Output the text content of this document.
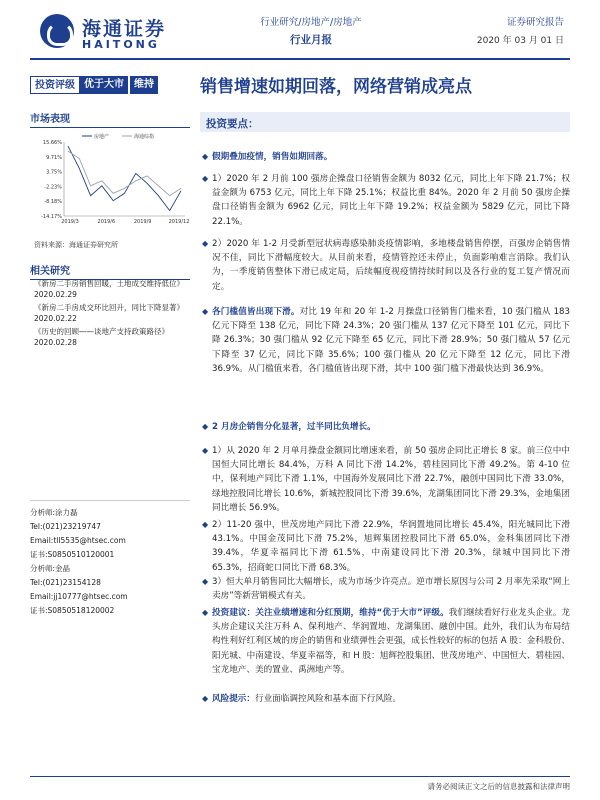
海通证券
HAITONG
行业研究/房地产/房地产
行业月报
证券研究报告
2020 年 03 月 01 日
投资评级 优于大市	维持	销售增速如期回落，网络营销成亮点
市场表现
15.66%
9.71%
3.75%
-2.23%
-8.18%
-14.17%
2019/3	2019/6	2019/9	2019/12
房地产	海通综指
资料来源：海通证券研究所
相关研究
《新房二手房销售回暖，土地成交维持低位》
2020.02.29
《新房二手房成交环比回升，同比下降显著》
2020.02.22
《历史的回顾——谈地产支持政策路径》
2020.02.28
分析师:涂力磊
Tel:(021)23219747
Email:tll5535@htsec.com
证书:S0850510120001
分析师:金晶
Tel:(021)23154128
Email:jj10777@htsec.com
证书:S0850518120002
投资要点：
◆ 假期叠加疫情，销售如期回落。
◆ 1）2020 年 2 月前 100 强房企操盘口径销售金额为 8032 亿元，同比上年下降 21.7%；权益金额为 6753 亿元，同比上年下降 25.1%；权益比重 84%。2020 年 2 月前 50 强房企操盘口径销售金额为 6962 亿元，同比上年下降 19.2%；权益金额为 5829 亿元，同比下降 22.1%。
◆ 2）2020 年 1-2 月受新型冠状病毒感染肺炎疫情影响，多地楼盘销售停摆，百强房企销售情况不佳，同比下滑幅度较大。从目前来看，疫情管控还未停止，负面影响难言消除。我们认为，一季度销售整体下滑已成定局，后续幅度视疫情持续时间以及各行业的复工复产情况而定。
◆ 各门槛值皆出现下滑。对比 19 年和 20 年 1-2 月操盘口径销售门槛来看，10 强门槛从 183 亿元下降至 138 亿元，同比下降 24.3%；20 强门槛从 137 亿元下降至 101 亿元，同比下降 26.3%；30 强门槛从 92 亿元下降至 65 亿元，同比下滑 28.9%；50 强门槛从 57 亿元下降至 37 亿元，同比下降 35.6%；100 强门槛从 20 亿元下降至 12 亿元，同比下滑 36.9%。从门槛值来看，各门槛值皆出现下滑，其中 100 强门槛下滑最快达到 36.9%。
◆ 2 月房企销售分化显著，过半同比负增长。
◆ 1）从 2020 年 2 月单月操盘金额同比增速来看，前 50 强房企同比正增长 8 家。前三位中中国恒大同比增长 84.4%，万科 A 同比下滑 14.2%，碧桂园同比下滑 49.2%。第 4-10 位中，保利地产同比下滑 1.1%，中国海外发展同比下滑 22.7%，融创中国同比下滑 33.0%，绿地控股同比增长 10.6%，新城控股同比下滑 39.6%，龙湖集团同比下滑 29.3%，金地集团同比增长 56.9%。
◆ 2）11-20 强中，世茂房地产同比下滑 22.9%，华润置地同比增长 45.4%，阳光城同比下滑 43.1%。中国金茂同比下滑 75.2%，旭辉集团控股同比下滑 65.0%，金科集团同比下滑 39.4%，华夏幸福同比下滑 61.5%，中南建设同比下滑 20.3%，绿城中国同比下滑 65.3%，招商蛇口同比下滑 68.3%。
◆ 3）恒大单月销售同比大幅增长，成为市场少许亮点。逆市增长原因与公司 2 月率先采取“网上卖房”等新营销模式有关。
◆ 投资建议：关注业绩增速和分红预期，维持“优于大市”评级。我们继续看好行业龙头企业。龙头房企建议关注万科 A、保利地产、华润置地、龙湖集团、融创中国。此外，我们认为布局结构性利好红利区域的房企的销售和业绩弹性会更强，成长性较好的标的包括 A 股：金科股份、阳光城、中南建设、华夏幸福等，和 H 股：旭辉控股集团、世茂房地产、中国恒大、碧桂园、宝龙地产、美的置业、禹洲地产等。
◆ 风险提示：行业面临调控风险和基本面下行风险。
请务必阅读正文之后的信息披露和法律声明
